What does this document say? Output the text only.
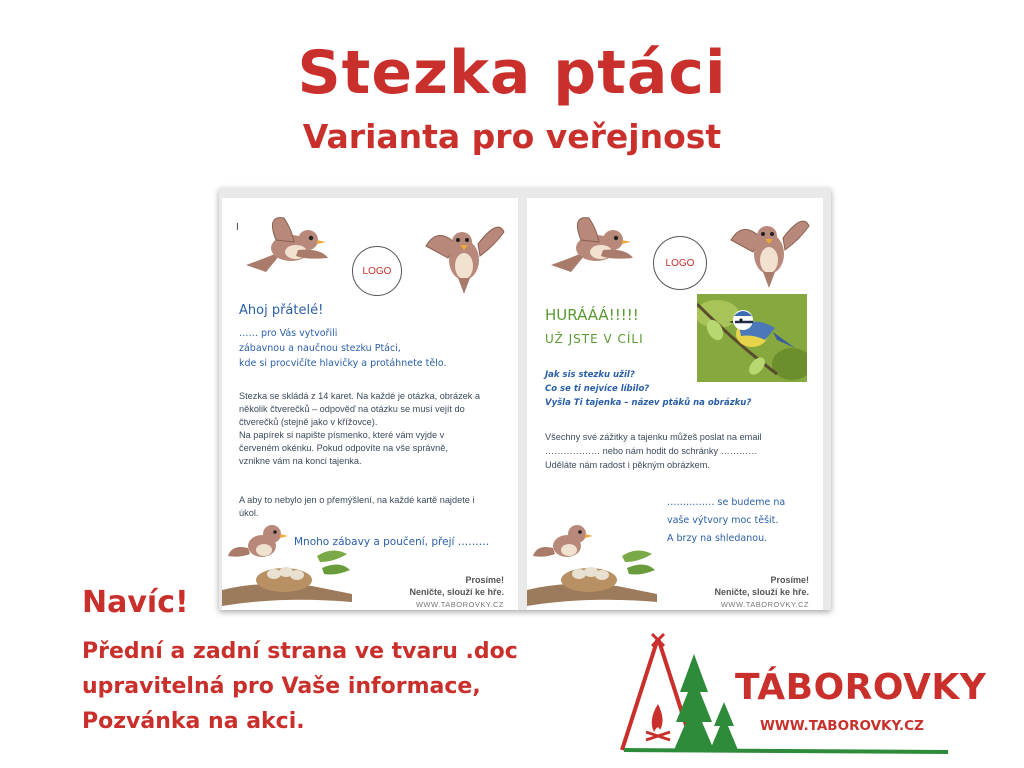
Stezka ptáci
Varianta pro veřejnost
I
LOGO
Ahoj přátelé!
…… pro Vás vytvořili
zábavnou a naučnou stezku Ptáci,
kde si procvičíte hlavičky a protáhnete tělo.
Stezka se skládá z 14 karet. Na každé je otázka, obrázek a
několik čtverečků – odpověď na otázku se musí vejít do
čtverečků (stejně jako v křížovce).
Na papírek si napište písmenko, které vám vyjde v
červeném okénku. Pokud odpovíte na vše správně,
vznikne vám na konci tajenka.
A aby to nebylo jen o přemýšlení, na každé kartě najdete i
úkol.
Mnoho zábavy a poučení, přejí ………
Prosíme!
Neničte, slouží ke hře.
WWW.TABOROVKY.CZ
LOGO
HURÁÁÁ!!!!!
UŽ JSTE V CÍLI
Jak sis stezku užil?
Co se ti nejvíce líbilo?
Vyšla Ti tajenka – název ptáků na obrázku?
Všechny své zážitky a tajenku můžeš poslat na email
……………… nebo nám hodit do schránky …………
Uděláte nám radost i pěkným obrázkem.
…………… se budeme na
vaše výtvory moc těšit.
A brzy na shledanou.
Prosíme!
Neničte, slouží ke hře.
WWW.TABOROVKY.CZ
Navíc!
Přední a zadní strana ve tvaru .doc
upravitelná pro Vaše informace,
Pozvánka na akci.
TÁBOROVKY
WWW.TABOROVKY.CZ
